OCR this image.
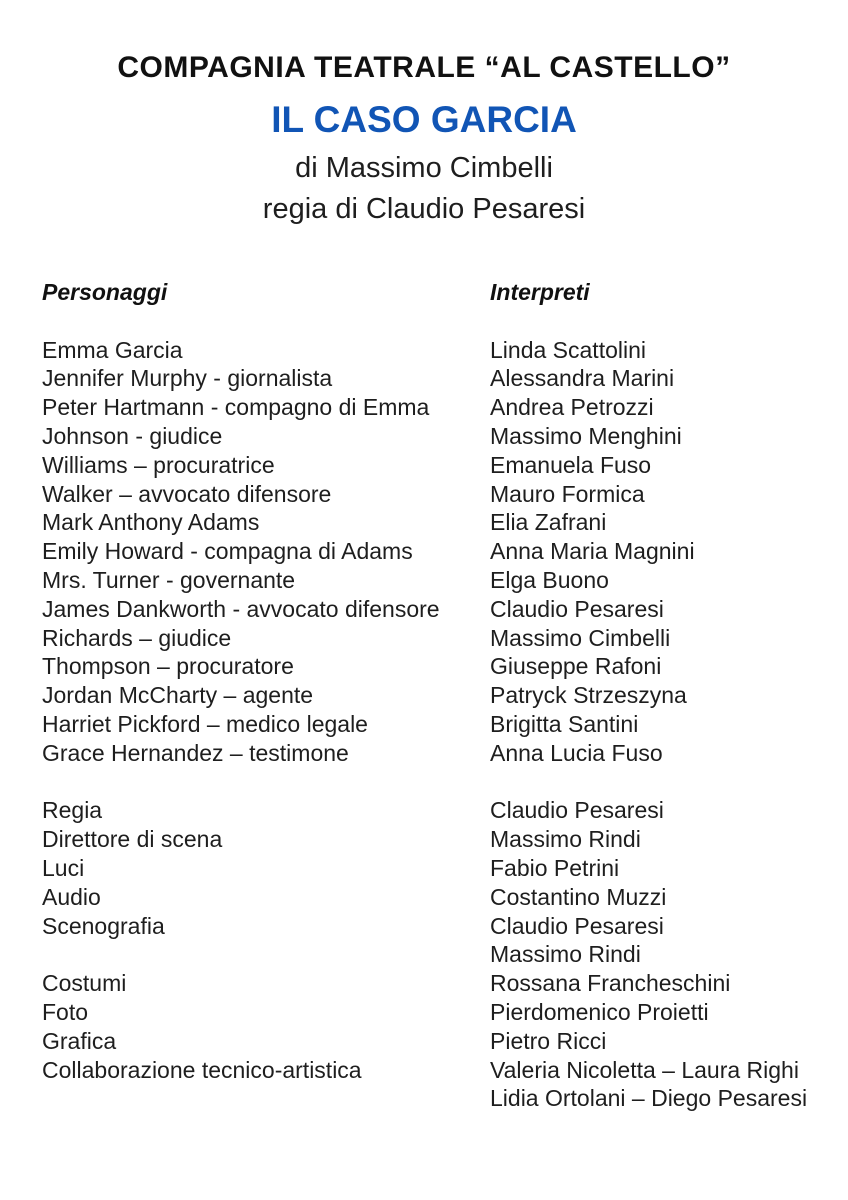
COMPAGNIA TEATRALE “AL CASTELLO”
IL CASO GARCIA
di Massimo Cimbelli
regia di Claudio Pesaresi
Personaggi	Interpreti
Emma Garcia	Linda Scattolini
Jennifer Murphy - giornalista	Alessandra Marini
Peter Hartmann - compagno di Emma	Andrea Petrozzi
Johnson - giudice	Massimo Menghini
Williams – procuratrice	Emanuela Fuso
Walker – avvocato difensore	Mauro Formica
Mark Anthony Adams	Elia Zafrani
Emily Howard - compagna di Adams	Anna Maria Magnini
Mrs. Turner - governante	Elga Buono
James Dankworth - avvocato difensore	Claudio Pesaresi
Richards – giudice	Massimo Cimbelli
Thompson – procuratore	Giuseppe Rafoni
Jordan McCharty – agente	Patryck Strzeszyna
Harriet Pickford – medico legale	Brigitta Santini
Grace Hernandez – testimone	Anna Lucia Fuso
Regia	Claudio Pesaresi
Direttore di scena	Massimo Rindi
Luci	Fabio Petrini
Audio	Costantino Muzzi
Scenografia	Claudio Pesaresi
Massimo Rindi
Costumi	Rossana Francheschini
Foto	Pierdomenico Proietti
Grafica	Pietro Ricci
Collaborazione tecnico-artistica	Valeria Nicoletta – Laura Righi
Lidia Ortolani – Diego Pesaresi
